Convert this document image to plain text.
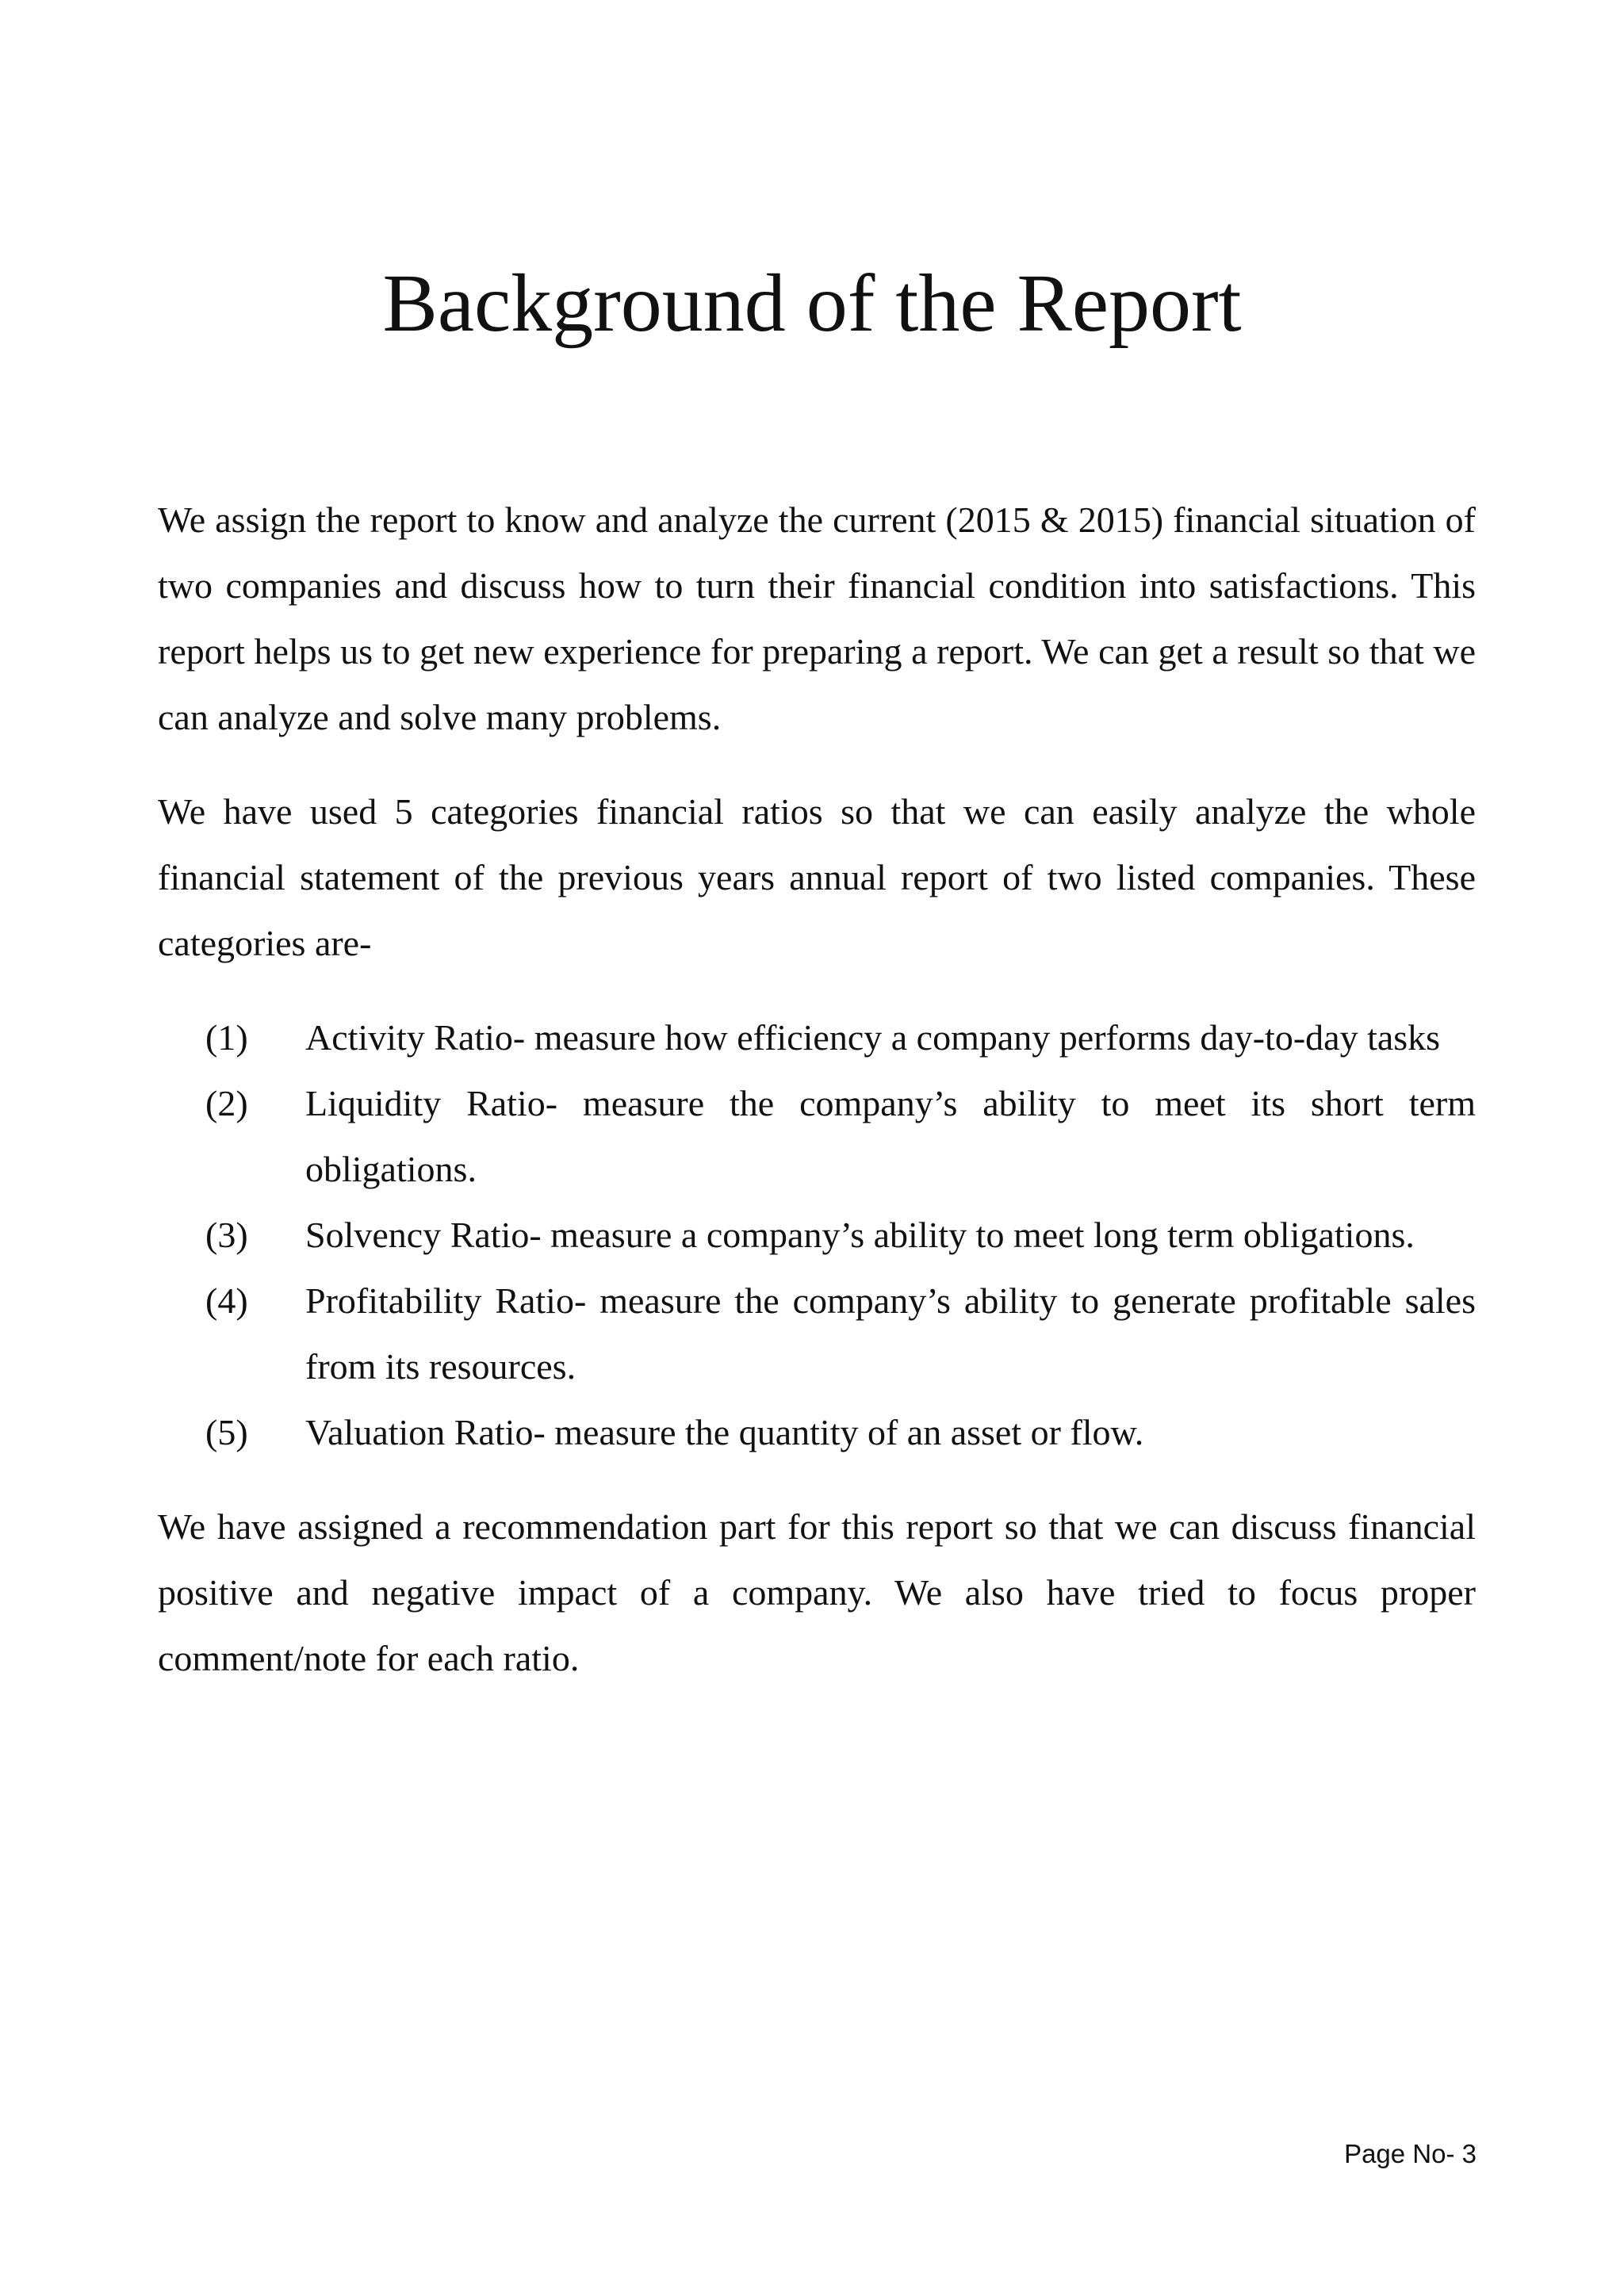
Background of the Report

We assign the report to know and analyze the current (2015 & 2015) financial situation of two companies and discuss how to turn their financial condition into satisfactions. This report helps us to get new experience for preparing a report. We can get a result so that we can analyze and solve many problems.

We have used 5 categories financial ratios so that we can easily analyze the whole financial statement of the previous years annual report of two listed companies. These categories are-

(1) Activity Ratio- measure how efficiency a company performs day-to-day tasks
(2) Liquidity Ratio- measure the company’s ability to meet its short term obligations.
(3) Solvency Ratio- measure a company’s ability to meet long term obligations.
(4) Profitability Ratio- measure the company’s ability to generate profitable sales from its resources.
(5) Valuation Ratio- measure the quantity of an asset or flow.

We have assigned a recommendation part for this report so that we can discuss financial positive and negative impact of a company. We also have tried to focus proper comment/note for each ratio.

Page No- 3
